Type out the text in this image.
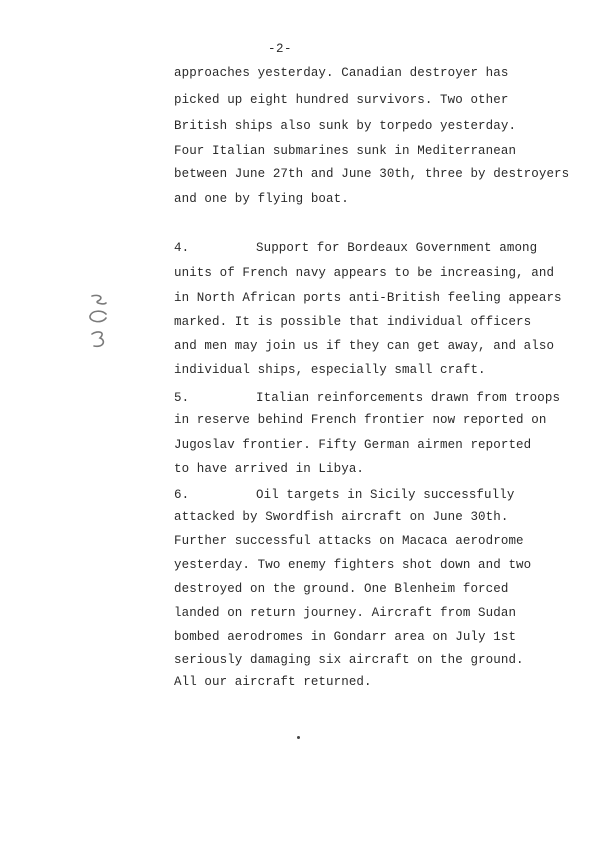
-2-
approaches yesterday. Canadian destroyer has
picked up eight hundred survivors. Two other
British ships also sunk by torpedo yesterday.
Four Italian submarines sunk in Mediterranean
between June 27th and June 30th, three by destroyers
and one by flying boat.
4.	Support for Bordeaux Government among
units of French navy appears to be increasing, and
in North African ports anti-British feeling appears
marked. It is possible that individual officers
and men may join us if they can get away, and also
individual ships, especially small craft.
5.	Italian reinforcements drawn from troops
in reserve behind French frontier now reported on
Jugoslav frontier. Fifty German airmen reported
to have arrived in Libya.
6.	Oil targets in Sicily successfully
attacked by Swordfish aircraft on June 30th.
Further successful attacks on Macaca aerodrome
yesterday. Two enemy fighters shot down and two
destroyed on the ground. One Blenheim forced
landed on return journey. Aircraft from Sudan
bombed aerodromes in Gondarr area on July 1st
seriously damaging six aircraft on the ground.
All our aircraft returned.
